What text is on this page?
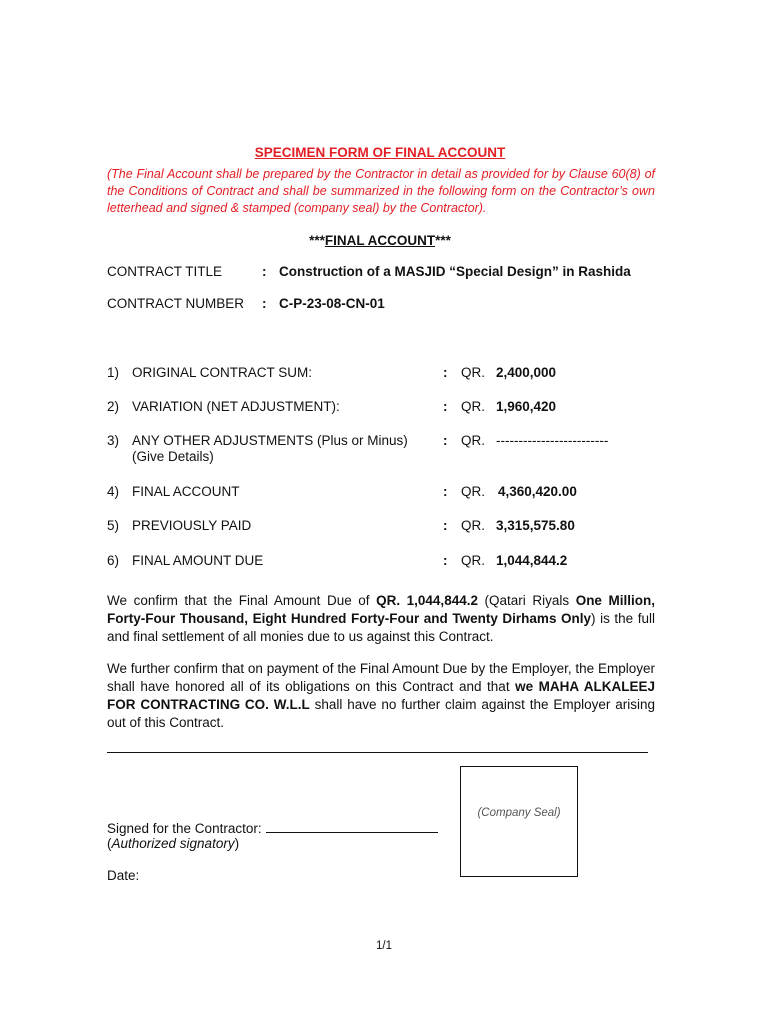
SPECIMEN FORM OF FINAL ACCOUNT
(The Final Account shall be prepared by the Contractor in detail as provided for by Clause 60(8) of the Conditions of Contract and shall be summarized in the following form on the Contractor’s own letterhead and signed & stamped (company seal) by the Contractor).
***FINAL ACCOUNT***
CONTRACT TITLE	: Construction of a MASJID “Special Design” in Rashida
CONTRACT NUMBER : C-P-23-08-CN-01
1) ORIGINAL CONTRACT SUM:	: QR. 2,400,000
2) VARIATION (NET ADJUSTMENT):	: QR. 1,960,420
3) ANY OTHER ADJUSTMENTS (Plus or Minus)
(Give Details)
: QR. -------------------------
4) FINAL ACCOUNT	: QR. 4,360,420.00
5) PREVIOUSLY PAID	: QR. 3,315,575.80
6) FINAL AMOUNT DUE	: QR. 1,044,844.2
We confirm that the Final Amount Due of QR. 1,044,844.2 (Qatari Riyals One Million, Forty-Four Thousand, Eight Hundred Forty-Four and Twenty Dirhams Only) is the full and final settlement of all monies due to us against this Contract.
We further confirm that on payment of the Final Amount Due by the Employer, the Employer shall have honored all of its obligations on this Contract and that we MAHA ALKALEEJ FOR CONTRACTING CO. W.L.L shall have no further claim against the Employer arising out of this Contract.
(Company Seal)
Signed for the Contractor:
(Authorized signatory)
Date:
1/1
